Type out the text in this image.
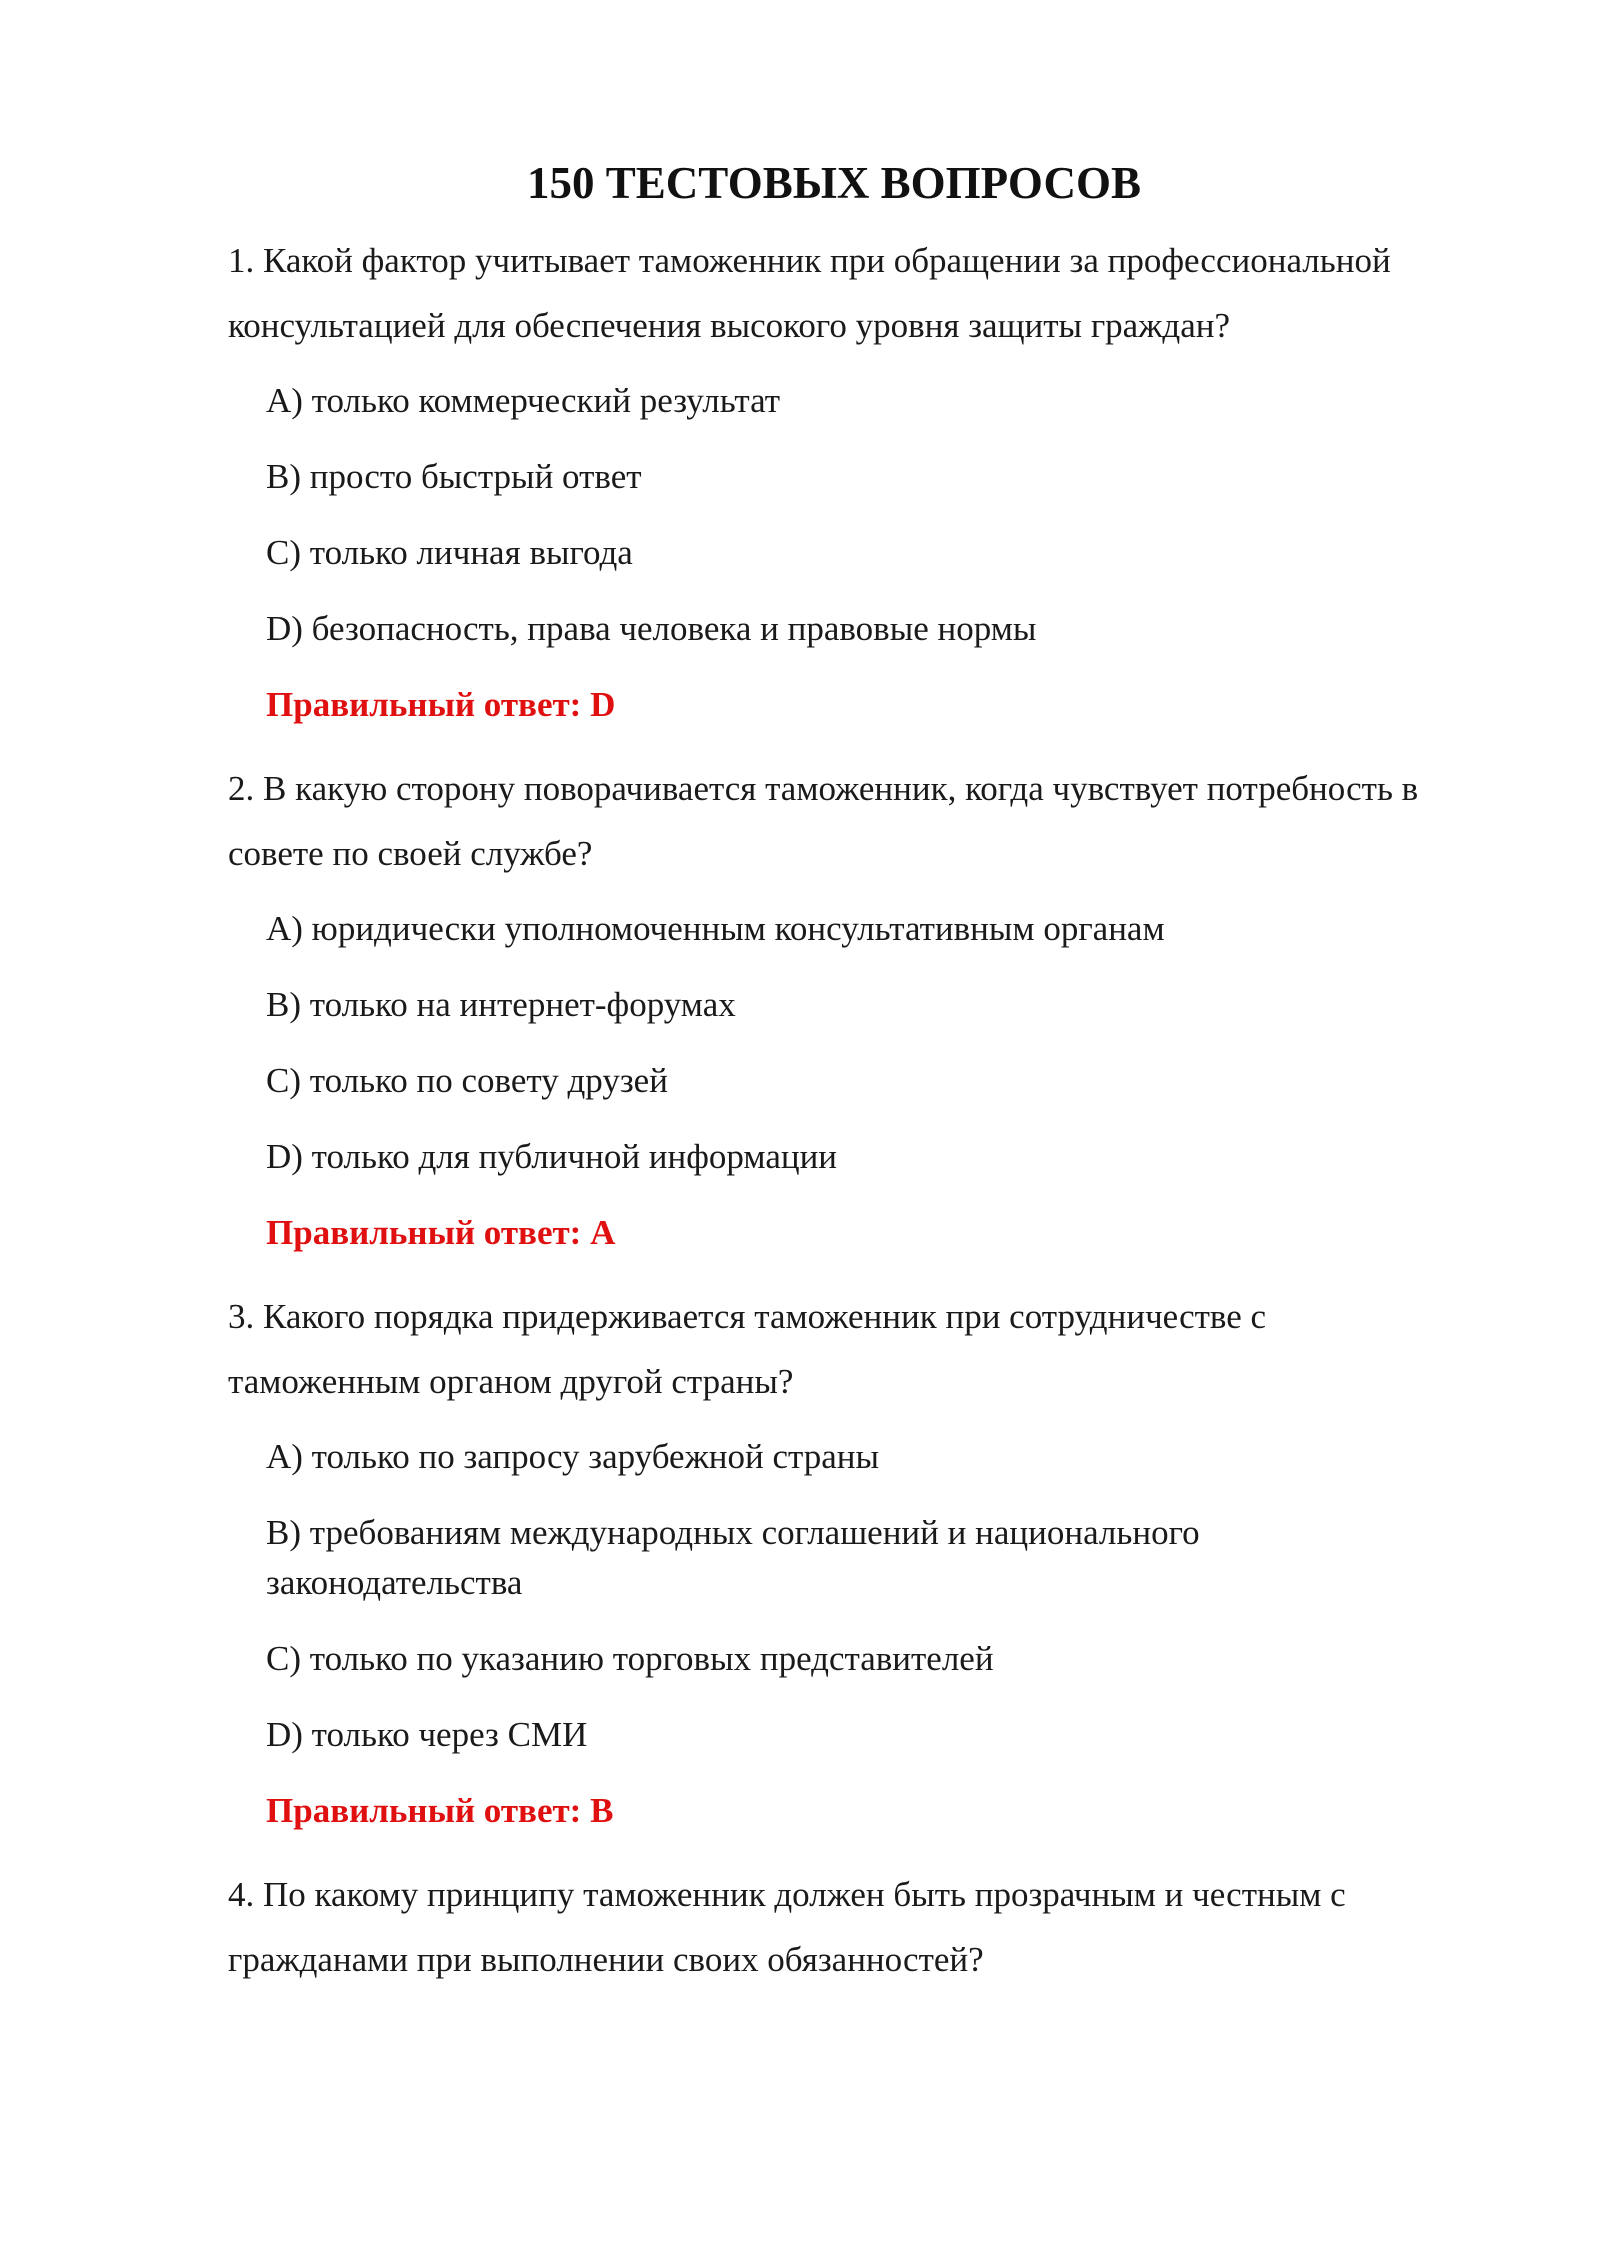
150 ТЕСТОВЫХ ВОПРОСОВ

1. Какой фактор учитывает таможенник при обращении за профессиональной консультацией для обеспечения высокого уровня защиты граждан?

A) только коммерческий результат
B) просто быстрый ответ
C) только личная выгода
D) безопасность, права человека и правовые нормы

Правильный ответ: D

2. В какую сторону поворачивается таможенник, когда чувствует потребность в совете по своей службе?

A) юридически уполномоченным консультативным органам
B) только на интернет-форумах
C) только по совету друзей
D) только для публичной информации

Правильный ответ: A

3. Какого порядка придерживается таможенник при сотрудничестве с таможенным органом другой страны?

A) только по запросу зарубежной страны
B) требованиям международных соглашений и национального законодательства
C) только по указанию торговых представителей
D) только через СМИ

Правильный ответ: B

4. По какому принципу таможенник должен быть прозрачным и честным с гражданами при выполнении своих обязанностей?
